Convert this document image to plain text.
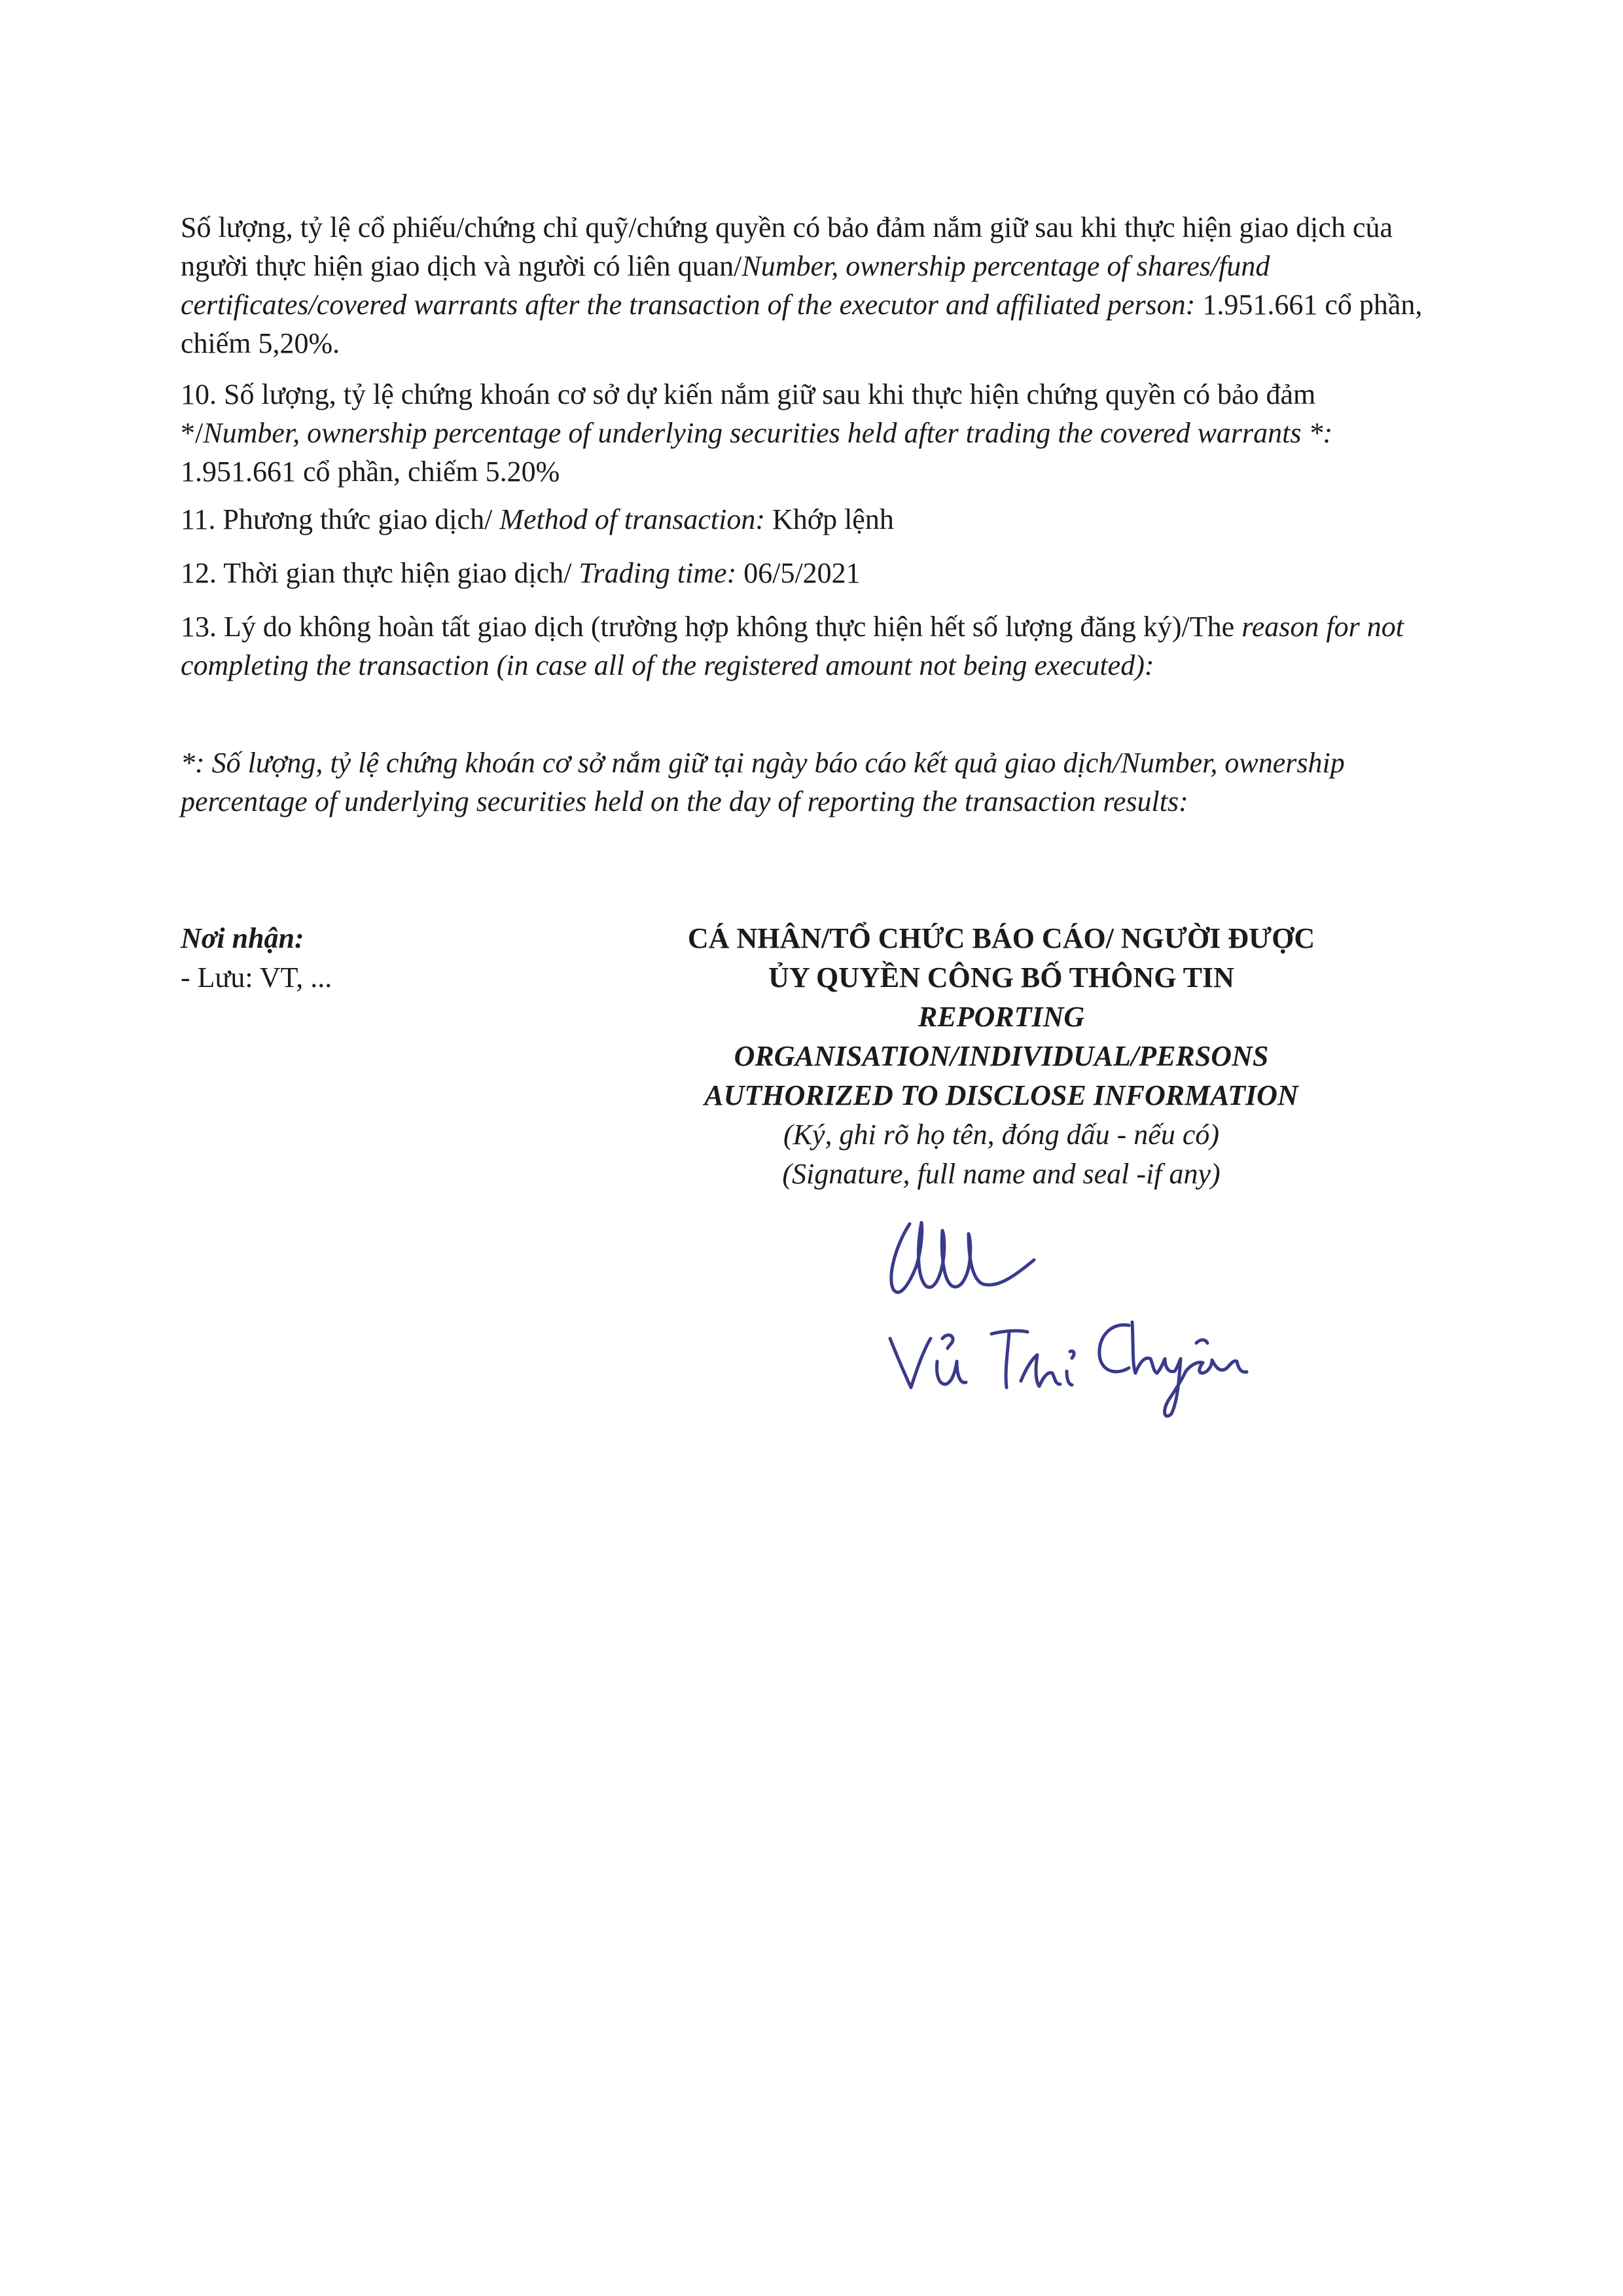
Số lượng, tỷ lệ cổ phiếu/chứng chỉ quỹ/chứng quyền có bảo đảm nắm giữ sau khi thực hiện giao dịch của người thực hiện giao dịch và người có liên quan/Number, ownership percentage of shares/fund certificates/covered warrants after the transaction of the executor and affiliated person: 1.951.661 cổ phần, chiếm 5,20%.
10. Số lượng, tỷ lệ chứng khoán cơ sở dự kiến nắm giữ sau khi thực hiện chứng quyền có bảo đảm */Number, ownership percentage of underlying securities held after trading the covered warrants *: 1.951.661 cổ phần, chiếm 5.20%
11. Phương thức giao dịch/ Method of transaction: Khớp lệnh
12. Thời gian thực hiện giao dịch/ Trading time: 06/5/2021
13. Lý do không hoàn tất giao dịch (trường hợp không thực hiện hết số lượng đăng ký)/The reason for not completing the transaction (in case all of the registered amount not being executed):
*: Số lượng, tỷ lệ chứng khoán cơ sở nắm giữ tại ngày báo cáo kết quả giao dịch/Number, ownership percentage of underlying securities held on the day of reporting the transaction results:
Nơi nhận:
- Lưu: VT, ...
CÁ NHÂN/TỔ CHỨC BÁO CÁO/ NGƯỜI ĐƯỢC
ỦY QUYỀN CÔNG BỐ THÔNG TIN
REPORTING
ORGANISATION/INDIVIDUAL/PERSONS
AUTHORIZED TO DISCLOSE INFORMATION
(Ký, ghi rõ họ tên, đóng dấu - nếu có)
(Signature, full name and seal -if any)
